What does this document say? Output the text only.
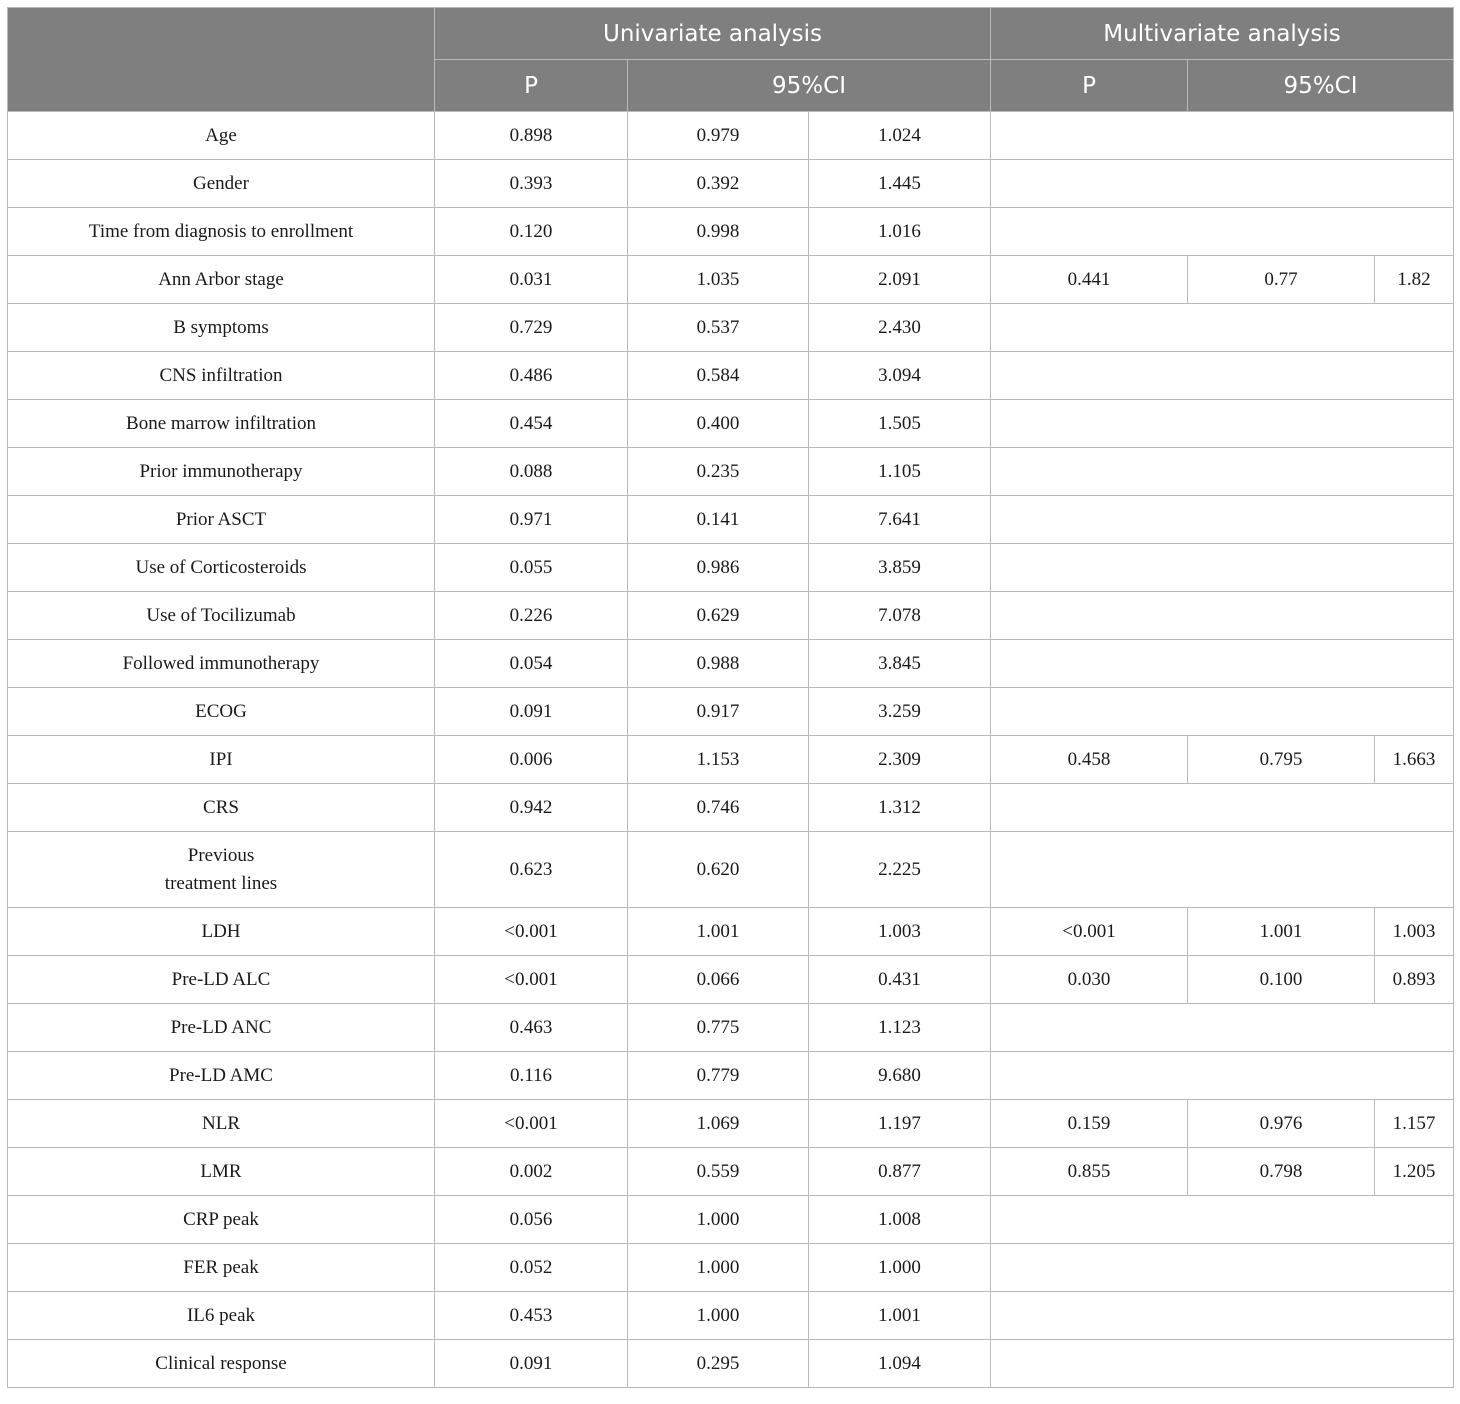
	Univariate analysis			Multivariate analysis		
	P	95%CI		P	95%CI	
Age	0.898	0.979	1.024			
Gender	0.393	0.392	1.445			
Time from diagnosis to enrollment	0.120	0.998	1.016			
Ann Arbor stage	0.031	1.035	2.091	0.441	0.77	1.82
B symptoms	0.729	0.537	2.430			
CNS infiltration	0.486	0.584	3.094			
Bone marrow infiltration	0.454	0.400	1.505			
Prior immunotherapy	0.088	0.235	1.105			
Prior ASCT	0.971	0.141	7.641			
Use of Corticosteroids	0.055	0.986	3.859			
Use of Tocilizumab	0.226	0.629	7.078			
Followed immunotherapy	0.054	0.988	3.845			
ECOG	0.091	0.917	3.259			
IPI	0.006	1.153	2.309	0.458	0.795	1.663
CRS	0.942	0.746	1.312			
Previous
treatment lines	0.623	0.620	2.225			
LDH	<0.001	1.001	1.003	<0.001	1.001	1.003
Pre-LD ALC	<0.001	0.066	0.431	0.030	0.100	0.893
Pre-LD ANC	0.463	0.775	1.123			
Pre-LD AMC	0.116	0.779	9.680			
NLR	<0.001	1.069	1.197	0.159	0.976	1.157
LMR	0.002	0.559	0.877	0.855	0.798	1.205
CRP peak	0.056	1.000	1.008			
FER peak	0.052	1.000	1.000			
IL6 peak	0.453	1.000	1.001			
Clinical response	0.091	0.295	1.094			
